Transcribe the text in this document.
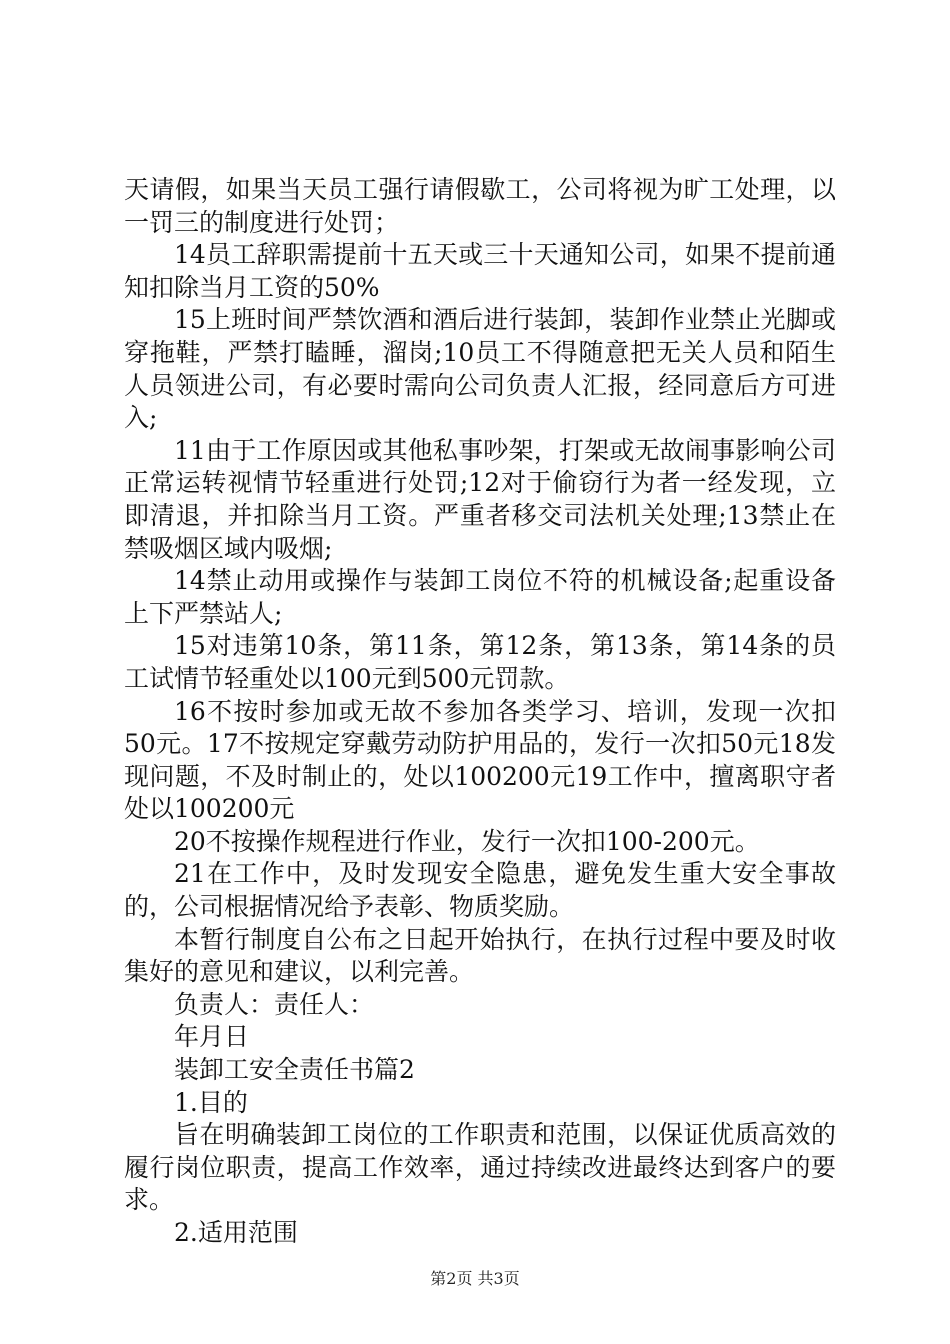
天请假，如果当天员工强行请假歇工，公司将视为旷工处理，以一罚三的制度进行处罚；

14员工辞职需提前十五天或三十天通知公司，如果不提前通知扣除当月工资的50%

15上班时间严禁饮酒和酒后进行装卸，装卸作业禁止光脚或穿拖鞋，严禁打瞌睡，溜岗;10员工不得随意把无关人员和陌生人员领进公司，有必要时需向公司负责人汇报，经同意后方可进入;

11由于工作原因或其他私事吵架，打架或无故闹事影响公司正常运转视情节轻重进行处罚;12对于偷窃行为者一经发现，立即清退，并扣除当月工资。严重者移交司法机关处理;13禁止在禁吸烟区域内吸烟;

14禁止动用或操作与装卸工岗位不符的机械设备;起重设备上下严禁站人;

15对违第10条，第11条，第12条，第13条，第14条的员工试情节轻重处以100元到500元罚款。

16不按时参加或无故不参加各类学习、培训，发现一次扣50元。17不按规定穿戴劳动防护用品的，发行一次扣50元18发现问题，不及时制止的，处以100200元19工作中，擅离职守者处以100200元

20不按操作规程进行作业，发行一次扣100-200元。

21在工作中，及时发现安全隐患，避免发生重大安全事故的，公司根据情况给予表彰、物质奖励。

本暂行制度自公布之日起开始执行，在执行过程中要及时收集好的意见和建议，以利完善。

负责人：责任人：

年月日

装卸工安全责任书篇2

1.目的

旨在明确装卸工岗位的工作职责和范围，以保证优质高效的履行岗位职责，提高工作效率，通过持续改进最终达到客户的要求。

2.适用范围

第2页 共3页
